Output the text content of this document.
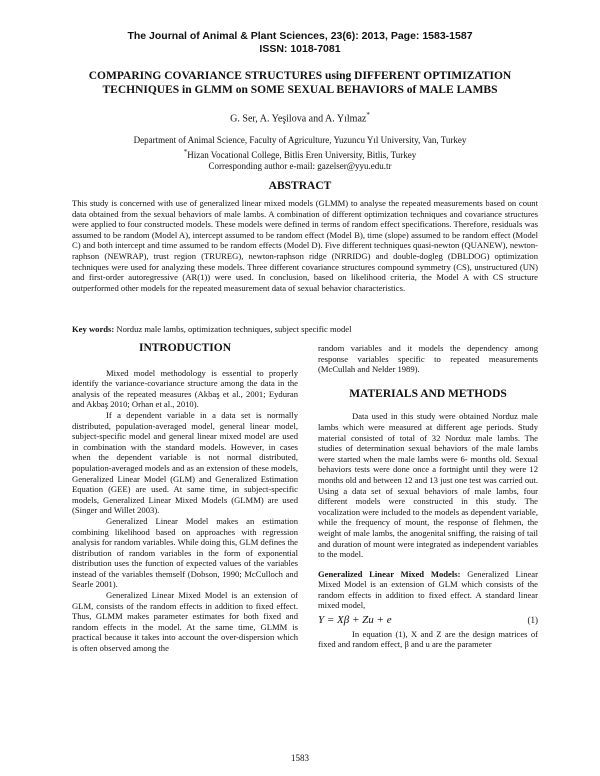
The Journal of Animal & Plant Sciences, 23(6): 2013, Page: 1583-1587
ISSN: 1018-7081
COMPARING COVARIANCE STRUCTURES using DIFFERENT OPTIMIZATION
TECHNIQUES in GLMM on SOME SEXUAL BEHAVIORS of MALE LAMBS
G. Ser, A. Yeşilova and A. Yılmaz*
Department of Animal Science, Faculty of Agriculture, Yuzuncu Yıl University, Van, Turkey
*Hizan Vocational College, Bitlis Eren University, Bitlis, Turkey
Corresponding author e-mail: gazelser@yyu.edu.tr
ABSTRACT
This study is concerned with use of generalized linear mixed models (GLMM) to analyse the repeated measurements based on count data obtained from the sexual behaviors of male lambs. A combination of different optimization techniques and covariance structures were applied to four constructed models. These models were defined in terms of random effect specifications. Therefore, residuals was assumed to be random (Model A), intercept assumed to be random effect (Model B), time (slope) assumed to be random effect (Model C) and both intercept and time assumed to be random effects (Model D). Five different techniques quasi-newton (QUANEW), newton-raphson (NEWRAP), trust region (TRUREG), newton-raphson ridge (NRRIDG) and double-dogleg (DBLDOG) optimization techniques were used for analyzing these models. Three different covariance structures compound symmetry (CS), unstructured (UN) and first-order autoregressive (AR(1)) were used. In conclusion, based on likelihood criteria, the Model A with CS structure outperformed other models for the repeated measurement data of sexual behavior characteristics.
Key words: Norduz male lambs, optimization techniques, subject specific model

INTRODUCTION

Mixed model methodology is essential to properly identify the variance-covariance structure among the data in the analysis of the repeated measures (Akbaş et al., 2001; Eyduran and Akbaş 2010; Orhan et al., 2010).

If a dependent variable in a data set is normally distributed, population-averaged model, general linear model, subject-specific model and general linear mixed model are used in combination with the standard models. However, in cases when the dependent variable is not normal distributed, population-averaged models and as an extension of these models, Generalized Linear Model (GLM) and Generalized Estimation Equation (GEE) are used. At same time, in subject-specific models, Generalized Linear Mixed Models (GLMM) are used (Singer and Willet 2003).

Generalized Linear Model makes an estimation combining likelihood based on approaches with regression analysis for random variables. While doing this, GLM defines the distribution of random variables in the form of exponential distribution uses the function of expected values of the variables instead of the variables themself (Dobson, 1990; McCulloch and Searle 2001).

Generalized Linear Mixed Model is an extension of GLM, consists of the random effects in addition to fixed effect. Thus, GLMM makes parameter estimates for both fixed and random effects in the model. At the same time, GLMM is practical because it takes into account the over-dispersion which is often observed among the

random variables and it models the dependency among response variables specific to repeated measurements (McCullah and Nelder 1989).

MATERIALS AND METHODS

Data used in this study were obtained Norduz male lambs which were measured at different age periods. Study material consisted of total of 32 Norduz male lambs. The studies of determination sexual behaviors of the male lambs were started when the male lambs were 6- months old. Sexual behaviors tests were done once a fortnight until they were 12 months old and between 12 and 13 just one test was carried out. Using a data set of sexual behaviors of male lambs, four different models were constructed in this study. The vocalization were included to the models as dependent variable, while the frequency of mount, the response of flehmen, the weight of male lambs, the anogenital sniffing, the raising of tail and duration of mount were integrated as independent variables to the model.

Generalized Linear Mixed Models: Generalized Linear Mixed Model is an extension of GLM which consists of the random effects in addition to fixed effect. A standard linear mixed model,

Y = Xβ + Zu + e	(1)

In equation (1), X and Z are the design matrices of fixed and random effect, β and u are the parameter

1583
